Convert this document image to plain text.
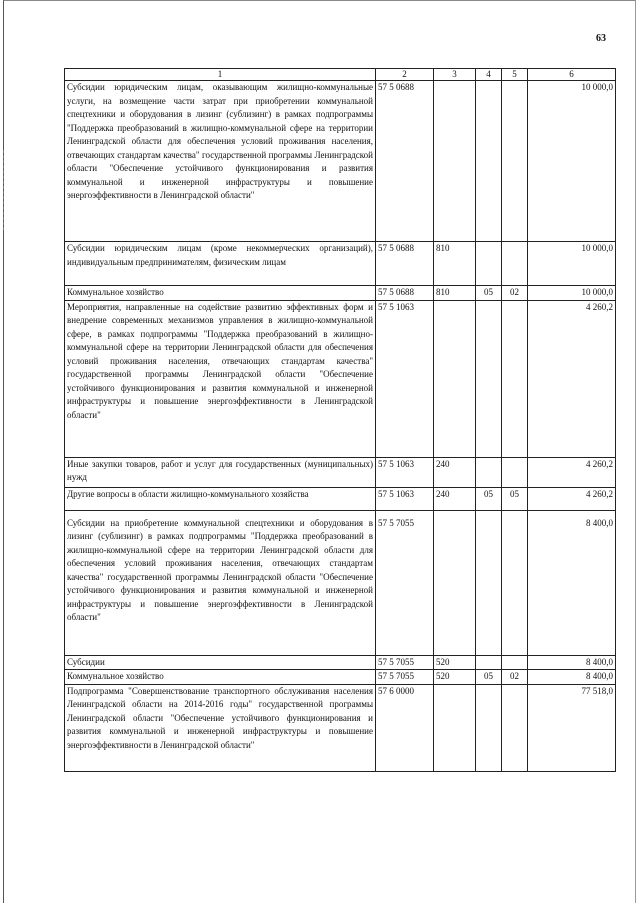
63
1	2	3	4	5	6
Субсидии юридическим лицам, оказывающим жилищно-коммунальные услуги, на возмещение части затрат при приобретении коммунальной спецтехники и оборудования в лизинг (сублизинг) в рамках подпрограммы "Поддержка преобразований в жилищно-коммунальной сфере на территории Ленинградской области для обеспечения условий проживания населения, отвечающих стандартам качества" государственной программы Ленинградской области "Обеспечение устойчивого функционирования и развития коммунальной и инженерной инфраструктуры и повышение энергоэффективности в Ленинградской области"	57 5 0688				10 000,0
Субсидии юридическим лицам (кроме некоммерческих организаций), индивидуальным предпринимателям, физическим лицам	57 5 0688	810			10 000,0
Коммунальное хозяйство	57 5 0688	810	05	02	10 000,0
Мероприятия, направленные на содействие развитию эффективных форм и внедрение современных механизмов управления в жилищно-коммунальной сфере, в рамках подпрограммы "Поддержка преобразований в жилищно-коммунальной сфере на территории Ленинградской области для обеспечения условий проживания населения, отвечающих стандартам качества" государственной программы Ленинградской области "Обеспечение устойчивого функционирования и развития коммунальной и инженерной инфраструктуры и повышение энергоэффективности в Ленинградской области"	57 5 1063				4 260,2
Иные закупки товаров, работ и услуг для государственных (муниципальных) нужд	57 5 1063	240			4 260,2
Другие вопросы в области жилищно-коммунального хозяйства	57 5 1063	240	05	05	4 260,2
Субсидии на приобретение коммунальной спецтехники и оборудования в лизинг (сублизинг) в рамках подпрограммы "Поддержка преобразований в жилищно-коммунальной сфере на территории Ленинградской области для обеспечения условий проживания населения, отвечающих стандартам качества" государственной программы Ленинградской области "Обеспечение устойчивого функционирования и развития коммунальной и инженерной инфраструктуры и повышение энергоэффективности в Ленинградской области"	57 5 7055				8 400,0
Субсидии	57 5 7055	520			8 400,0
Коммунальное хозяйство	57 5 7055	520	05	02	8 400,0
Подпрограмма "Совершенствование транспортного обслуживания населения Ленинградской области на 2014-2016 годы" государственной программы Ленинградской области "Обеспечение устойчивого функционирования и развития коммунальной и инженерной инфраструктуры и повышение энергоэффективности в Ленинградской области"	57 6 0000				77 518,0
